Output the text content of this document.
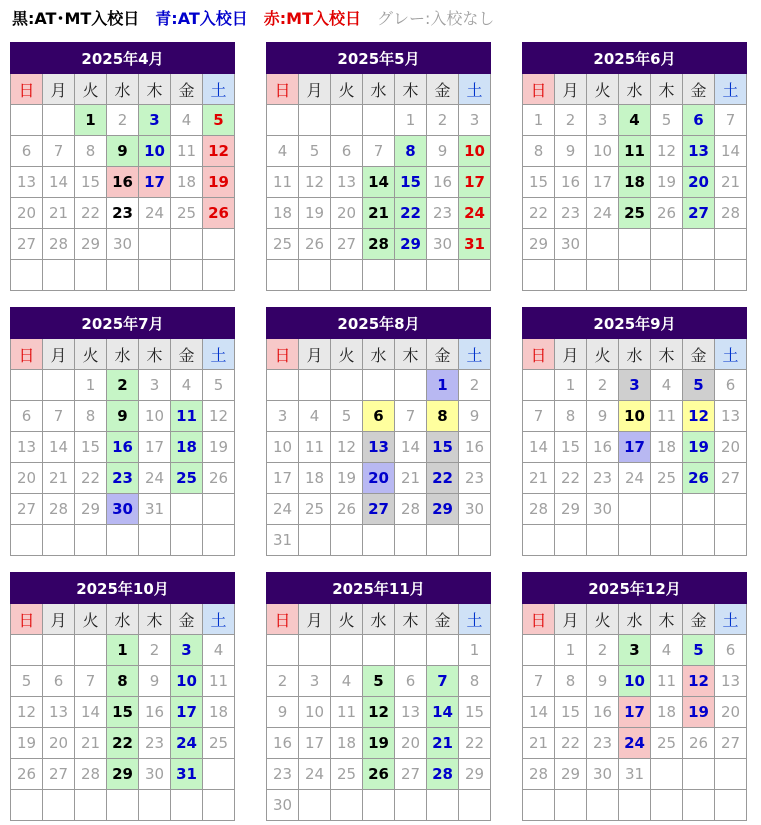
黒:AT･MT入校日 青:AT入校日 赤:MT入校日 グレー:入校なし
2025年4月						
日	月	火	水	木	金	土
		1	2	3	4	5
6	7	8	9	10	11	12
13	14	15	16	17	18	19
20	21	22	23	24	25	26
27	28	29	30			

2025年5月						
日	月	火	水	木	金	土
				1	2	3
4	5	6	7	8	9	10
11	12	13	14	15	16	17
18	19	20	21	22	23	24
25	26	27	28	29	30	31

2025年6月						
日	月	火	水	木	金	土
1	2	3	4	5	6	7
8	9	10	11	12	13	14
15	16	17	18	19	20	21
22	23	24	25	26	27	28
29	30					

2025年7月						
日	月	火	水	木	金	土
		1	2	3	4	5
6	7	8	9	10	11	12
13	14	15	16	17	18	19
20	21	22	23	24	25	26
27	28	29	30	31		

2025年8月						
日	月	火	水	木	金	土
					1	2
3	4	5	6	7	8	9
10	11	12	13	14	15	16
17	18	19	20	21	22	23
24	25	26	27	28	29	30
31						
2025年9月						
日	月	火	水	木	金	土
	1	2	3	4	5	6
7	8	9	10	11	12	13
14	15	16	17	18	19	20
21	22	23	24	25	26	27
28	29	30				

2025年10月						
日	月	火	水	木	金	土
			1	2	3	4
5	6	7	8	9	10	11
12	13	14	15	16	17	18
19	20	21	22	23	24	25
26	27	28	29	30	31	

2025年11月						
日	月	火	水	木	金	土
						1
2	3	4	5	6	7	8
9	10	11	12	13	14	15
16	17	18	19	20	21	22
23	24	25	26	27	28	29
30						
2025年12月						
日	月	火	水	木	金	土
	1	2	3	4	5	6
7	8	9	10	11	12	13
14	15	16	17	18	19	20
21	22	23	24	25	26	27
28	29	30	31			
